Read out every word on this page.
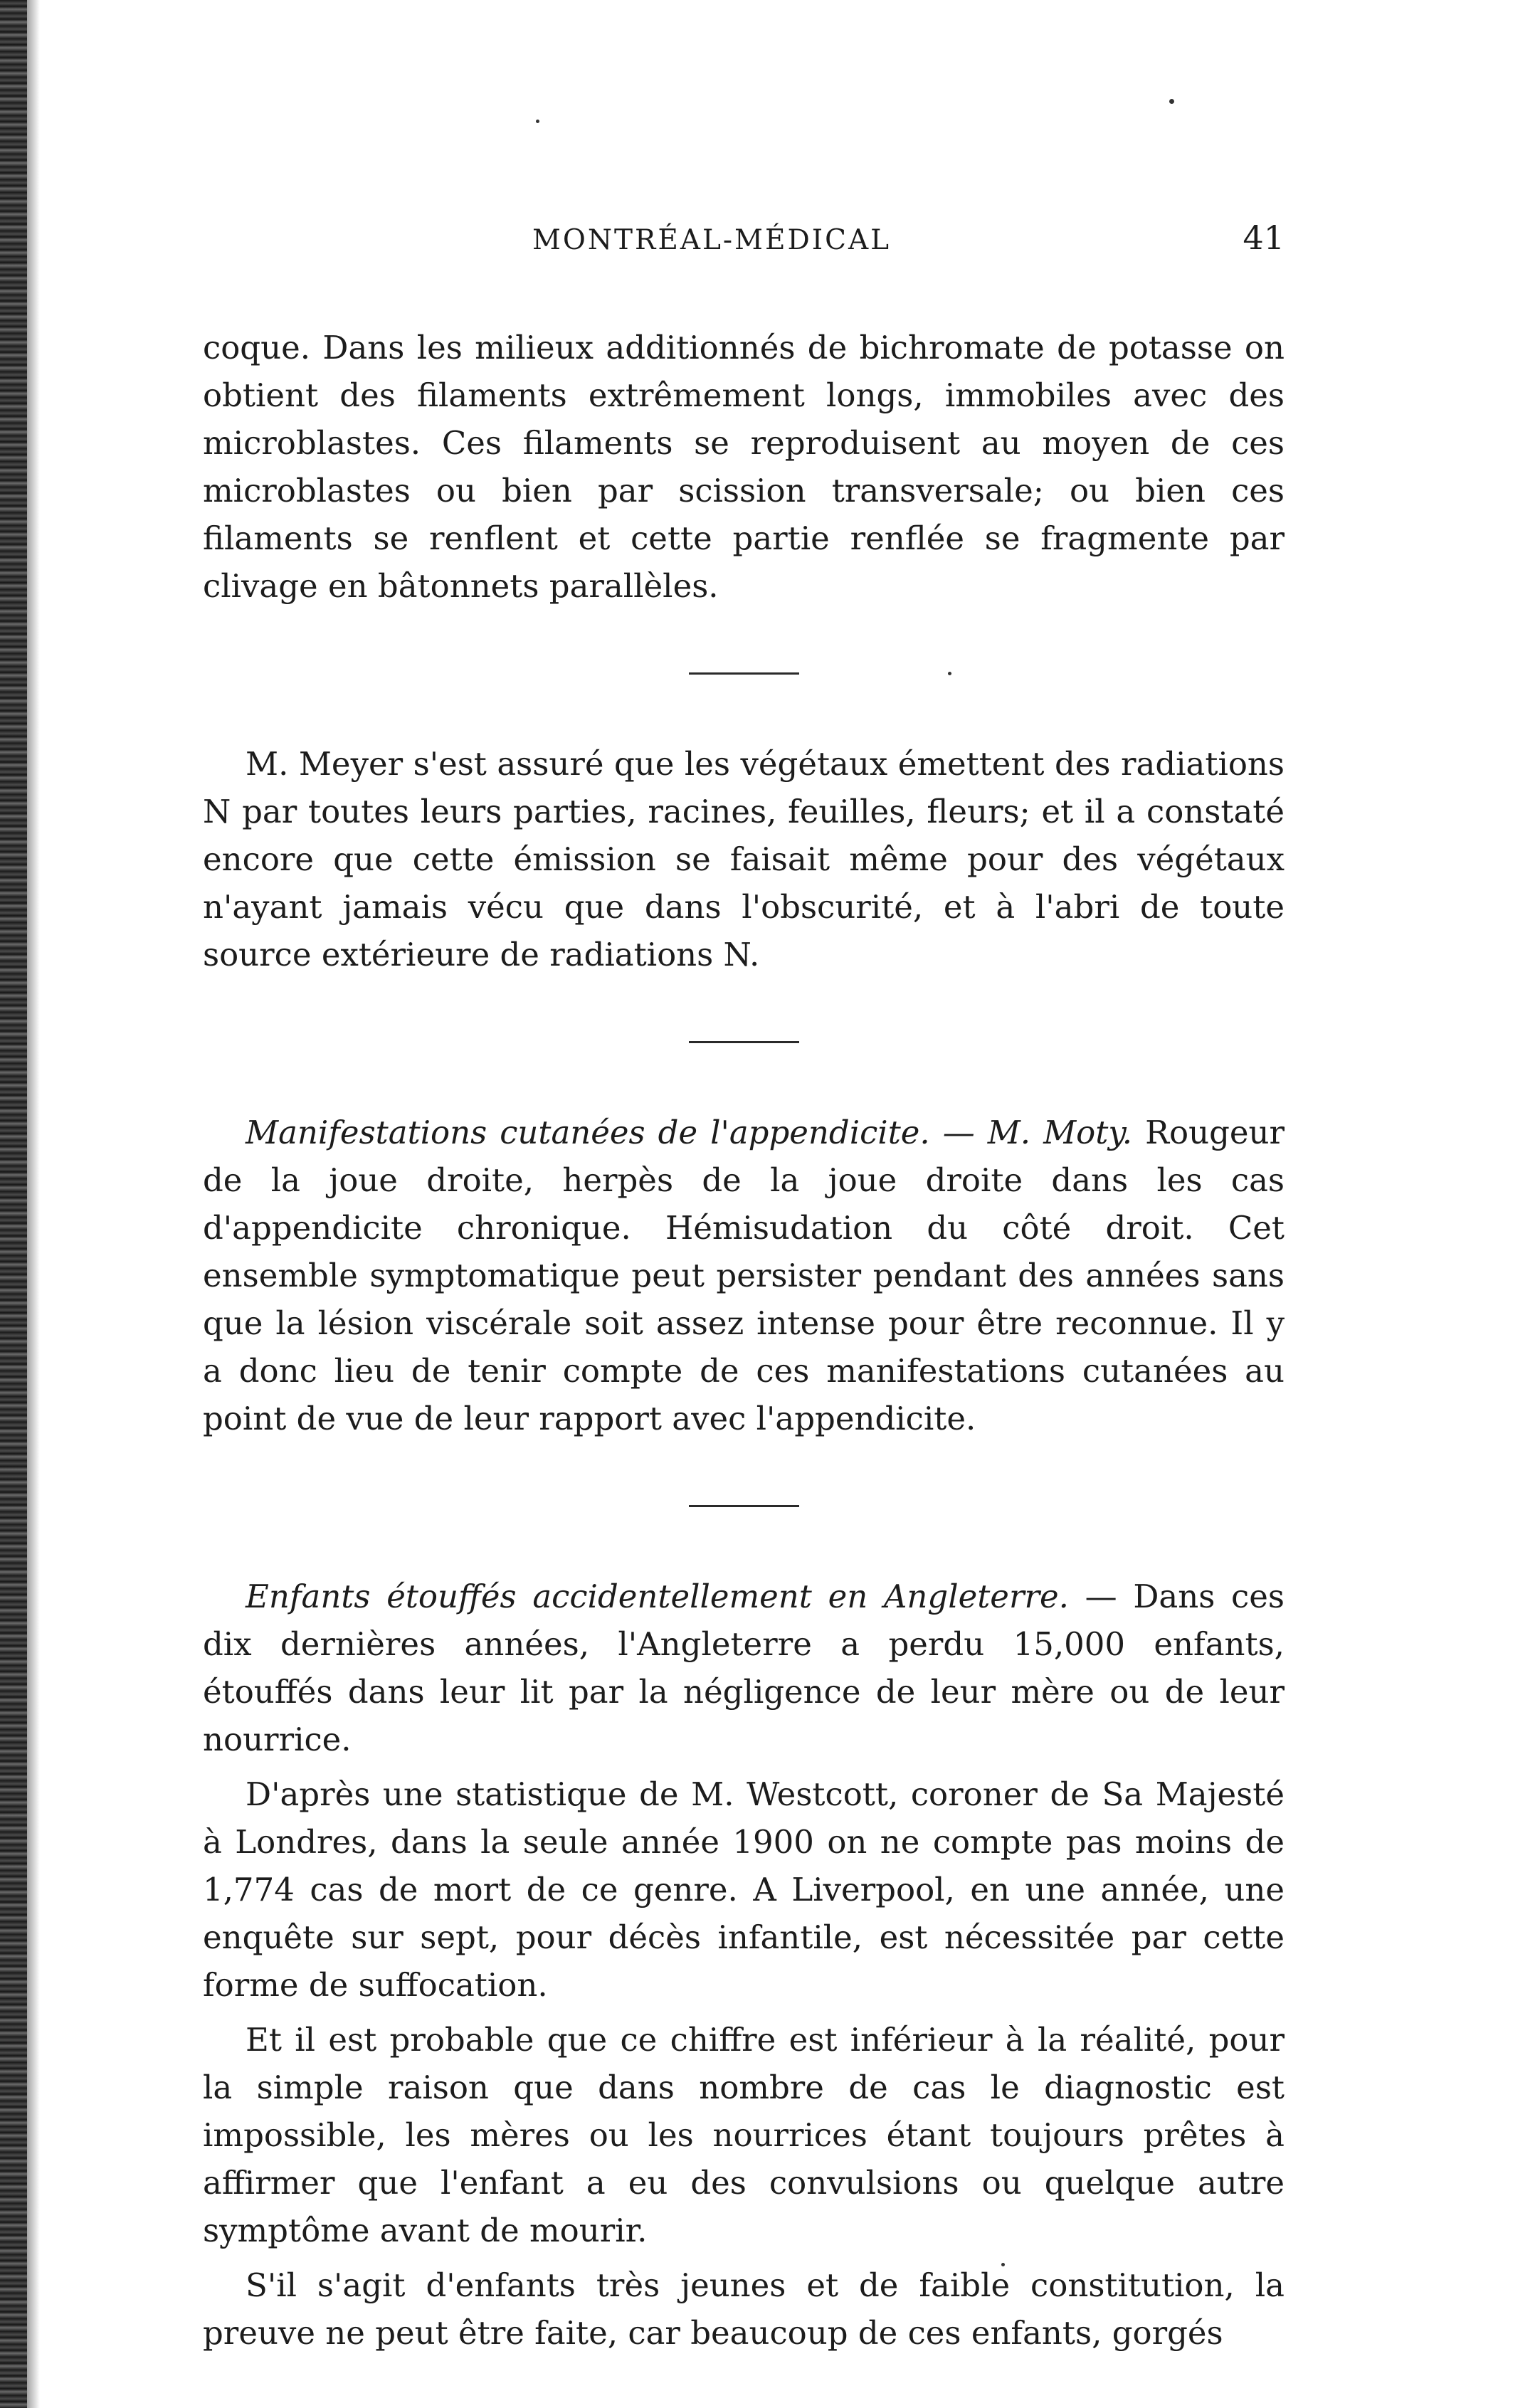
MONTRÉAL-MÉDICAL	41

coque. Dans les milieux additionnés de bichromate de potasse on obtient des filaments extrêmement longs, immobiles avec des microblastes. Ces filaments se reproduisent au moyen de ces microblastes ou bien par scission transversale; ou bien ces filaments se renflent et cette partie renflée se fragmente par clivage en bâtonnets parallèles.

M. Meyer s'est assuré que les végétaux émettent des radiations N par toutes leurs parties, racines, feuilles, fleurs; et il a constaté encore que cette émission se faisait même pour des végétaux n'ayant jamais vécu que dans l'obscurité, et à l'abri de toute source extérieure de radiations N.

Manifestations cutanées de l'appendicite. — M. Moty. Rougeur de la joue droite, herpès de la joue droite dans les cas d'appendicite chronique. Hémisudation du côté droit. Cet ensemble symptomatique peut persister pendant des années sans que la lésion viscérale soit assez intense pour être reconnue. Il y a donc lieu de tenir compte de ces manifestations cutanées au point de vue de leur rapport avec l'appendicite.

Enfants étouffés accidentellement en Angleterre. — Dans ces dix dernières années, l'Angleterre a perdu 15,000 enfants, étouffés dans leur lit par la négligence de leur mère ou de leur nourrice.

D'après une statistique de M. Westcott, coroner de Sa Majesté à Londres, dans la seule année 1900 on ne compte pas moins de 1,774 cas de mort de ce genre. A Liverpool, en une année, une enquête sur sept, pour décès infantile, est nécessitée par cette forme de suffocation.

Et il est probable que ce chiffre est inférieur à la réalité, pour la simple raison que dans nombre de cas le diagnostic est impossible, les mères ou les nourrices étant toujours prêtes à affirmer que l'enfant a eu des convulsions ou quelque autre symptôme avant de mourir.

S'il s'agit d'enfants très jeunes et de faible constitution, la preuve ne peut être faite, car beaucoup de ces enfants, gorgés
